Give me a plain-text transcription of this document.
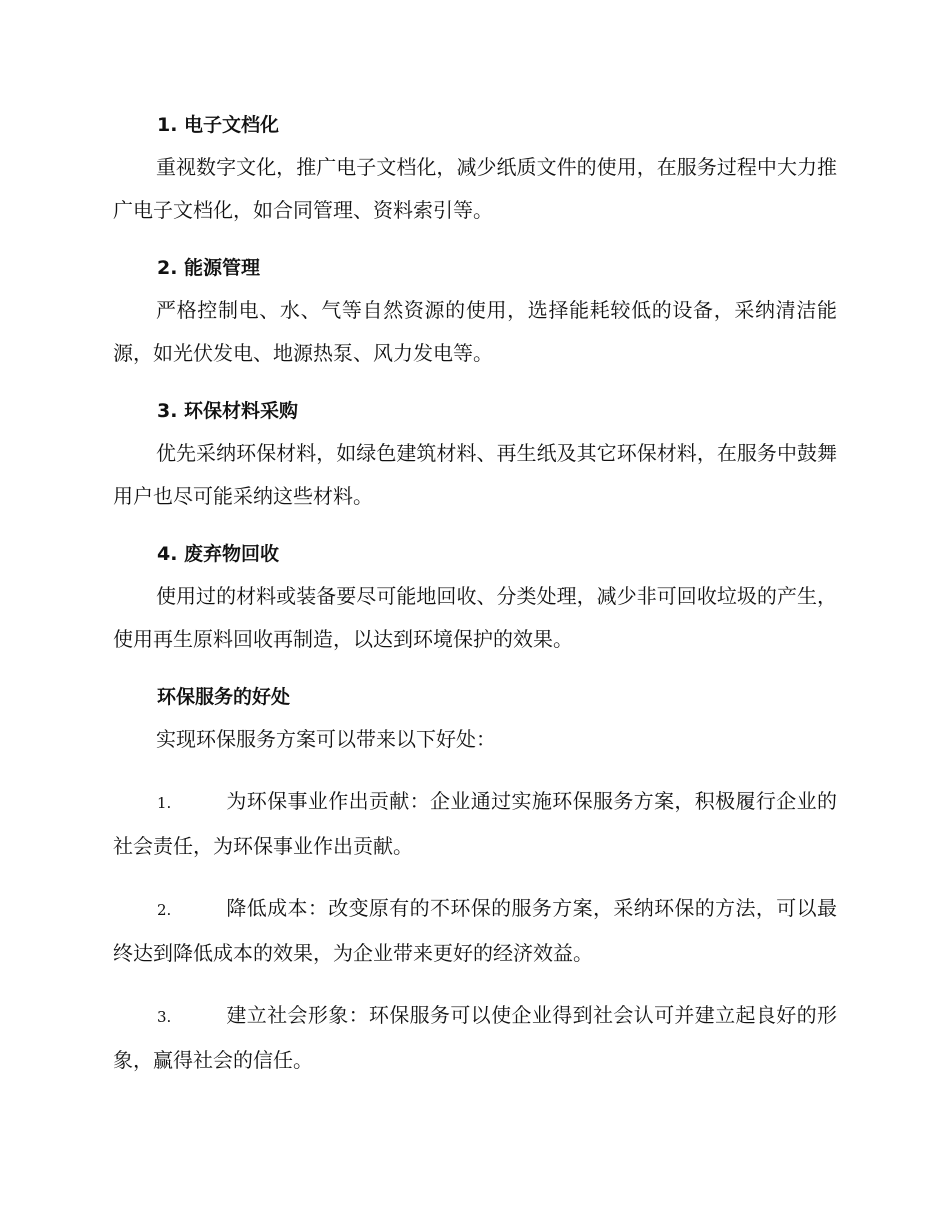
1. 电子文档化

重视数字文化，推广电子文档化，减少纸质文件的使用，在服务过程中大力推广电子文档化，如合同管理、资料索引等。

2. 能源管理

严格控制电、水、气等自然资源的使用，选择能耗较低的设备，采纳清洁能源，如光伏发电、地源热泵、风力发电等。

3. 环保材料采购

优先采纳环保材料，如绿色建筑材料、再生纸及其它环保材料，在服务中鼓舞用户也尽可能采纳这些材料。

4. 废弃物回收

使用过的材料或装备要尽可能地回收、分类处理，减少非可回收垃圾的产生，使用再生原料回收再制造，以达到环境保护的效果。

环保服务的好处

实现环保服务方案可以带来以下好处：

1.	为环保事业作出贡献：企业通过实施环保服务方案，积极履行企业的社会责任，为环保事业作出贡献。

2.	降低成本：改变原有的不环保的服务方案，采纳环保的方法，可以最终达到降低成本的效果，为企业带来更好的经济效益。

3.	建立社会形象：环保服务可以使企业得到社会认可并建立起良好的形象，赢得社会的信任。
